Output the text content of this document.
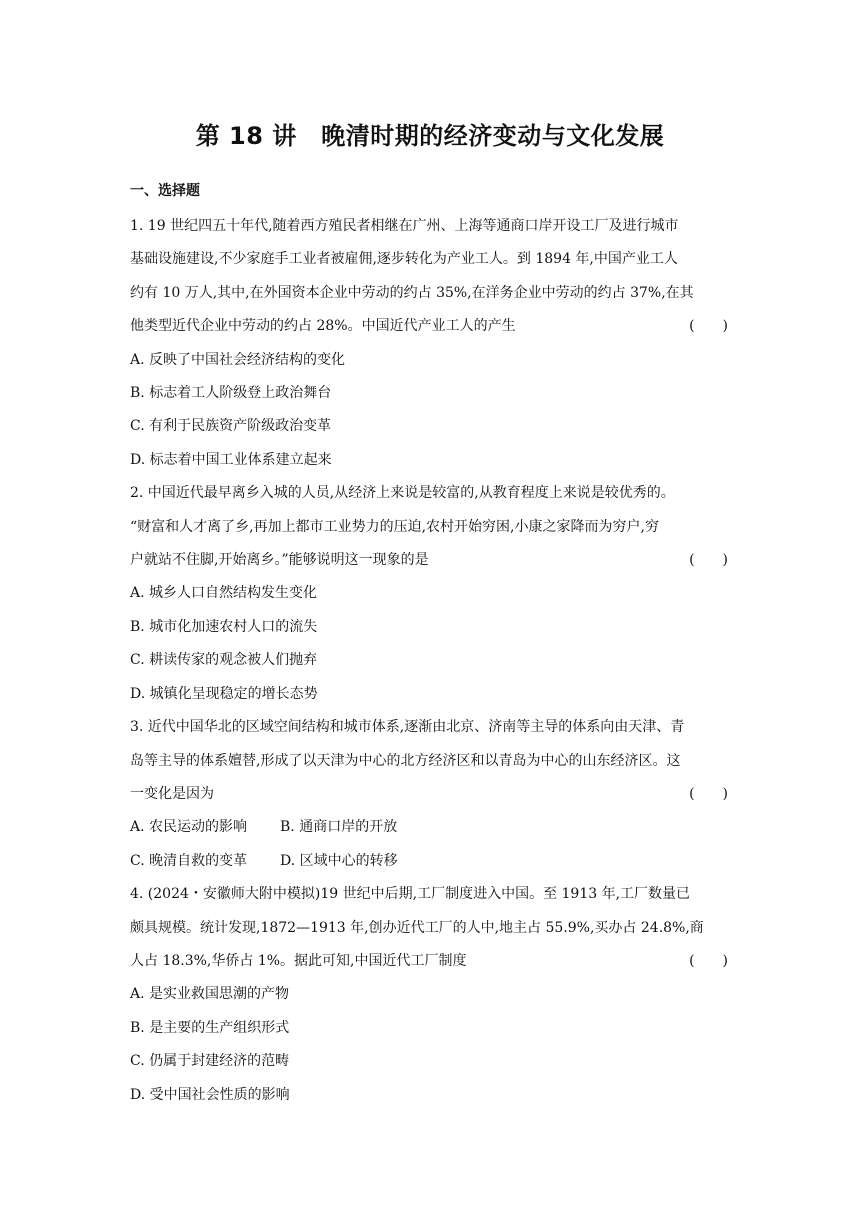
第 18 讲　晚清时期的经济变动与文化发展
一、选择题
1. 19 世纪四五十年代,随着西方殖民者相继在广州、上海等通商口岸开设工厂及进行城市
基础设施建设,不少家庭手工业者被雇佣,逐步转化为产业工人。到 1894 年,中国产业工人
约有 10 万人,其中,在外国资本企业中劳动的约占 35%,在洋务企业中劳动的约占 37%,在其
他类型近代企业中劳动的约占 28%。中国近代产业工人的产生	(　　)
A. 反映了中国社会经济结构的变化
B. 标志着工人阶级登上政治舞台
C. 有利于民族资产阶级政治变革
D. 标志着中国工业体系建立起来
2. 中国近代最早离乡入城的人员,从经济上来说是较富的,从教育程度上来说是较优秀的。
“财富和人才离了乡,再加上都市工业势力的压迫,农村开始穷困,小康之家降而为穷户,穷
户就站不住脚,开始离乡。”能够说明这一现象的是	(　　)
A. 城乡人口自然结构发生变化
B. 城市化加速农村人口的流失
C. 耕读传家的观念被人们抛弃
D. 城镇化呈现稳定的增长态势
3. 近代中国华北的区域空间结构和城市体系,逐渐由北京、济南等主导的体系向由天津、青
岛等主导的体系嬗替,形成了以天津为中心的北方经济区和以青岛为中心的山东经济区。这
一变化是因为	(　　)
A. 农民运动的影响	B. 通商口岸的开放
C. 晚清自救的变革	D. 区域中心的转移
4. (2024・安徽师大附中模拟)19 世纪中后期,工厂制度进入中国。至 1913 年,工厂数量已
颇具规模。统计发现,1872—1913 年,创办近代工厂的人中,地主占 55.9%,买办占 24.8%,商
人占 18.3%,华侨占 1%。据此可知,中国近代工厂制度	(　　)
A. 是实业救国思潮的产物
B. 是主要的生产组织形式
C. 仍属于封建经济的范畴
D. 受中国社会性质的影响
